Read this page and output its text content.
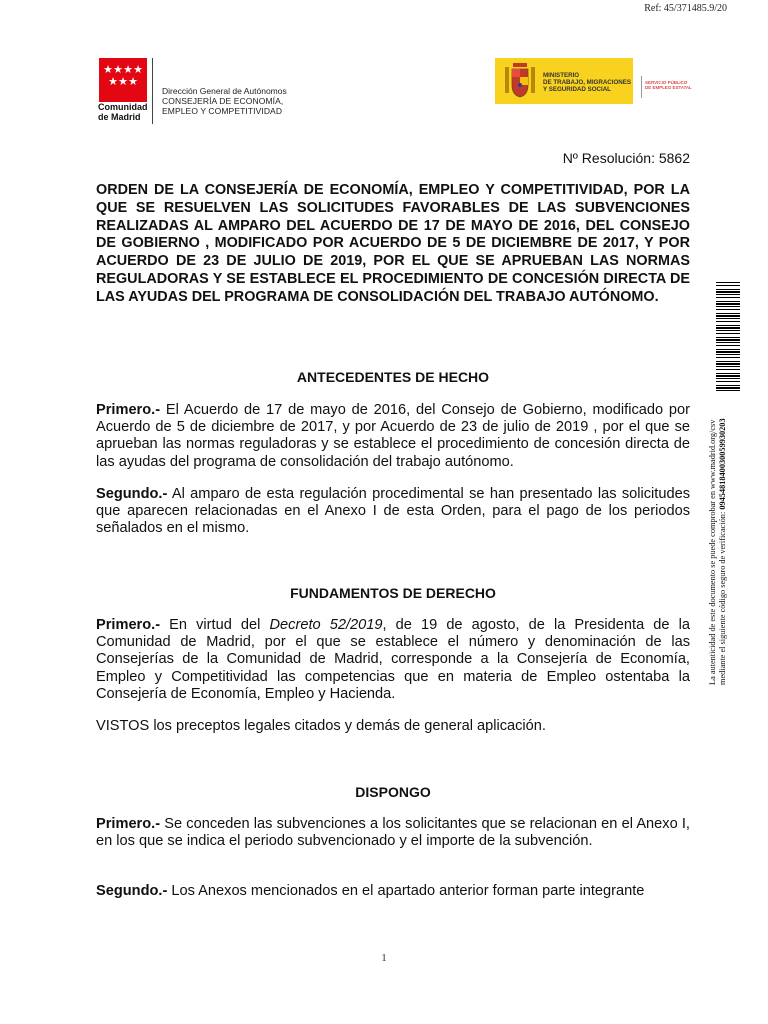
Ref: 45/371485.9/20
★ ★ ★ ★
★ ★ ★
Comunidad
de Madrid
Dirección General de Autónomos
CONSEJERÍA DE ECONOMÍA,
EMPLEO Y COMPETITIVIDAD
MINISTERIO
DE TRABAJO, MIGRACIONES
Y SEGURIDAD SOCIAL
SERVICIO PÚBLICO
DE EMPLEO ESTATAL
Nº Resolución: 5862
ORDEN DE LA CONSEJERÍA DE ECONOMÍA, EMPLEO Y COMPETITIVIDAD, POR LA QUE SE RESUELVEN LAS SOLICITUDES FAVORABLES DE LAS SUBVENCIONES REALIZADAS AL AMPARO DEL ACUERDO DE 17 DE MAYO DE 2016, DEL CONSEJO DE GOBIERNO , MODIFICADO POR ACUERDO DE 5 DE DICIEMBRE DE 2017, Y POR ACUERDO DE 23 DE JULIO DE 2019, POR EL QUE SE APRUEBAN LAS NORMAS REGULADORAS Y SE ESTABLECE EL PROCEDIMIENTO DE CONCESIÓN DIRECTA DE LAS AYUDAS DEL PROGRAMA DE CONSOLIDACIÓN DEL TRABAJO AUTÓNOMO.
ANTECEDENTES DE HECHO

Primero.- El Acuerdo de 17 de mayo de 2016, del Consejo de Gobierno, modificado por Acuerdo de 5 de diciembre de 2017, y por Acuerdo de 23 de julio de 2019 , por el que se aprueban las normas reguladoras y se establece el procedimiento de concesión directa de las ayudas del programa de consolidación del trabajo autónomo.

Segundo.- Al amparo de esta regulación procedimental se han presentado las solicitudes que aparecen relacionadas en el Anexo I de esta Orden, para el pago de los periodos señalados en el mismo.

FUNDAMENTOS DE DERECHO

Primero.- En virtud del Decreto 52/2019, de 19 de agosto, de la Presidenta de la Comunidad de Madrid, por el que se establece el número y denominación de las Consejerías de la Comunidad de Madrid, corresponde a la Consejería de Economía, Empleo y Competitividad las competencias que en materia de Empleo ostentaba la Consejería de Economía, Empleo y Hacienda.

VISTOS los preceptos legales citados y demás de general aplicación.

DISPONGO

Primero.- Se conceden las subvenciones a los solicitantes que se relacionan en el Anexo I, en los que se indica el periodo subvencionado y el importe de la subvención.

Segundo.- Los Anexos mencionados en el apartado anterior forman parte integrante

La autenticidad de este documento se puede comprobar en www.madrid.org/csv mediante el siguiente código seguro de verificación: 0945481840030059930203
1
